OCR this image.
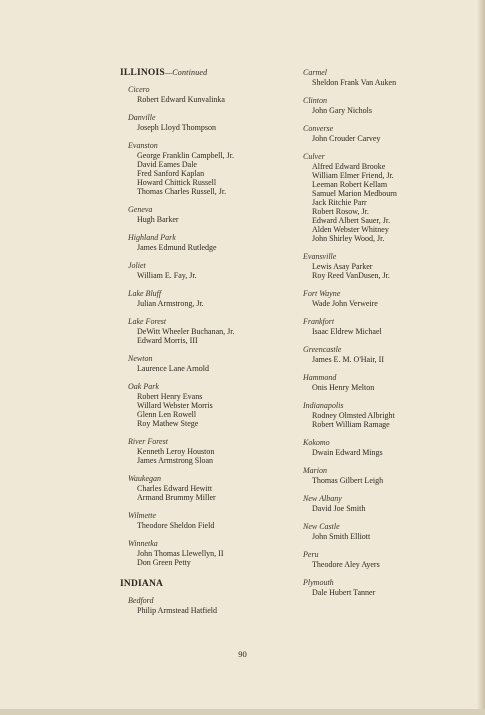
ILLINOIS—Continued
Cicero
Robert Edward Kunvalinka
Danville
Joseph Lloyd Thompson
Evanston
George Franklin Campbell, Jr.
David Eames Dale
Fred Sanford Kaplan
Howard Chittick Russell
Thomas Charles Russell, Jr.
Geneva
Hugh Barker
Highland Park
James Edmund Rutledge
Joliet
William E. Fay, Jr.
Lake Bluff
Julian Armstrong, Jr.
Lake Forest
DeWitt Wheeler Buchanan, Jr.
Edward Morris, III
Newton
Laurence Lane Arnold
Oak Park
Robert Henry Evans
Willard Webster Morris
Glenn Len Rowell
Roy Mathew Stege
River Forest
Kenneth Leroy Houston
James Armstrong Sloan
Waukegan
Charles Edward Hewitt
Armand Brummy Miller
Wilmette
Theodore Sheldon Field
Winnetka
John Thomas Llewellyn, II
Don Green Petty
INDIANA
Bedford
Philip Armstead Hatfield
Carmel
Sheldon Frank Van Auken
Clinton
John Gary Nichols
Converse
John Crouder Carvey
Culver
Alfred Edward Brooke
William Elmer Friend, Jr.
Leeman Robert Kellam
Samuel Marion Medbourn
Jack Ritchie Parr
Robert Rosow, Jr.
Edward Albert Sauer, Jr.
Alden Webster Whitney
John Shirley Wood, Jr.
Evansville
Lewis Asay Parker
Roy Reed VanDusen, Jr.
Fort Wayne
Wade John Verweire
Frankfort
Isaac Eldrew Michael
Greencastle
James E. M. O'Hair, II
Hammond
Onis Henry Melton
Indianapolis
Rodney Olmsted Albright
Robert William Ramage
Kokomo
Dwain Edward Mings
Marion
Thomas Gilbert Leigh
New Albany
David Joe Smith
New Castle
John Smith Elliott
Peru
Theodore Aley Ayers
Plymouth
Dale Hubert Tanner
90
